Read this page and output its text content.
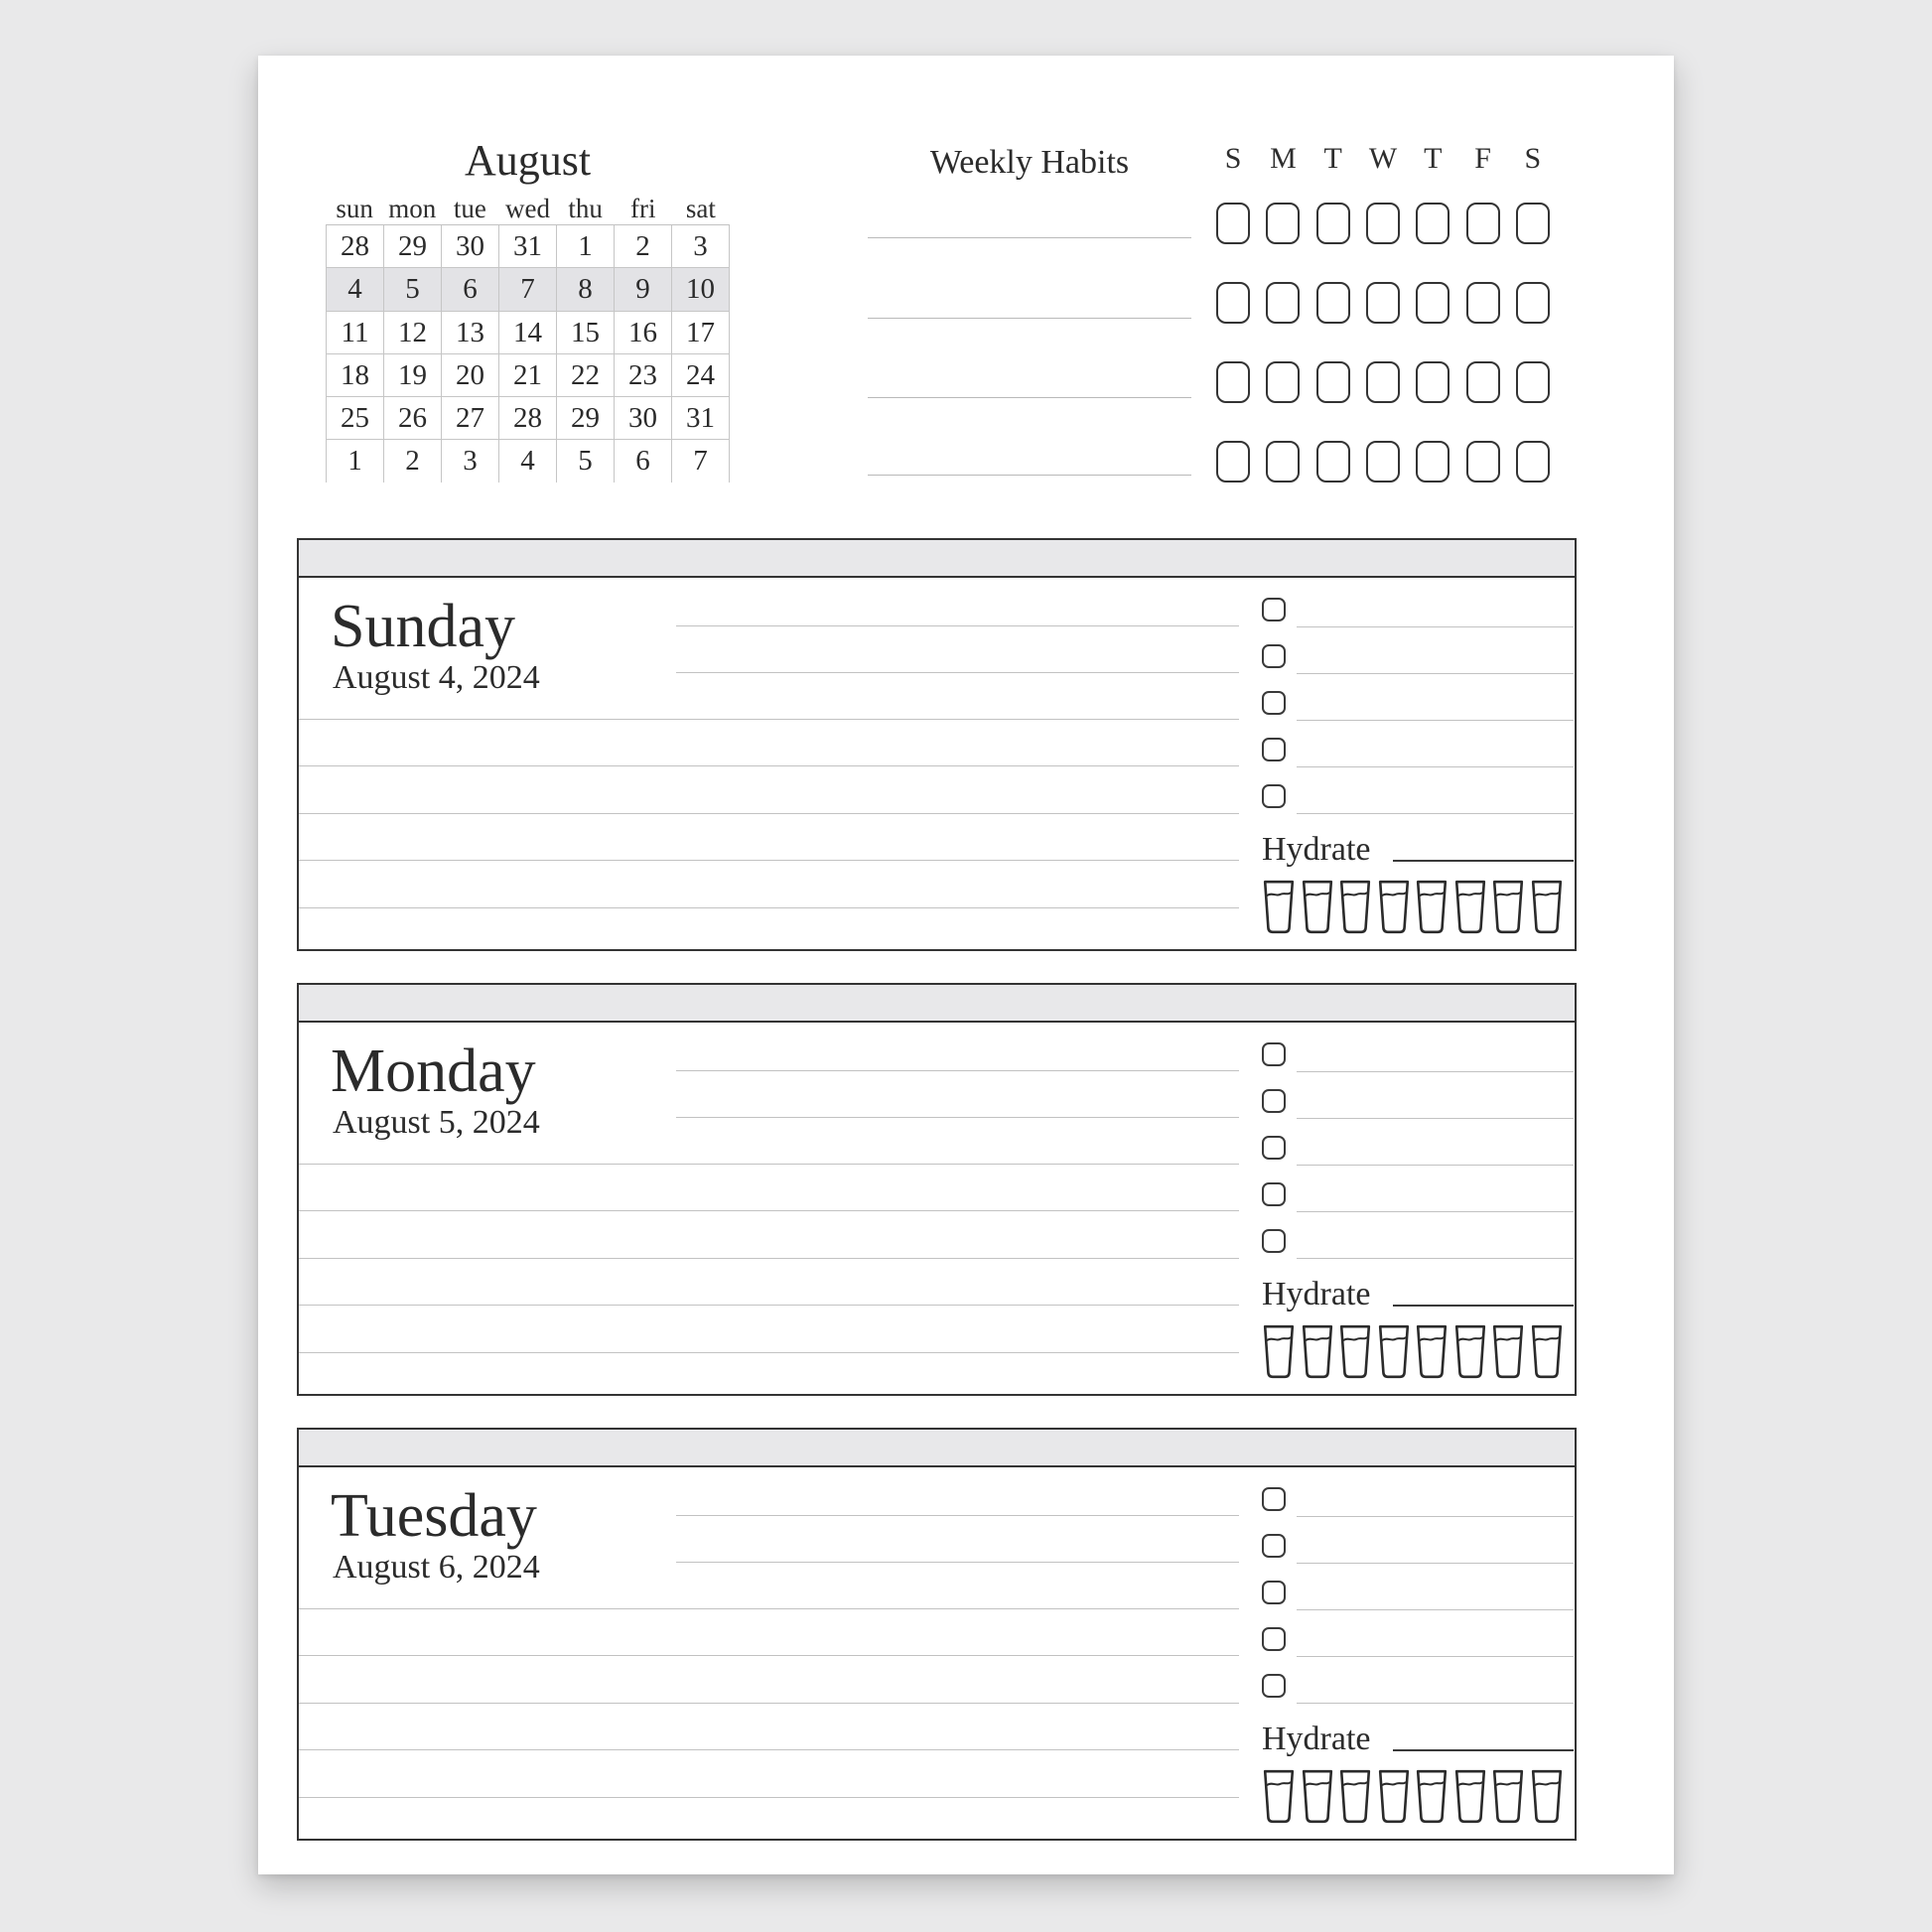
August
sun mon tue wed thu	fri	sat
28	29	30	31	1	2	3
4	5	6	7	8	9	10
11	12	13	14	15	16	17
18	19	20	21	22	23	24
25	26	27	28	29	30	31
1	2	3	4	5	6	7
Weekly Habits	S M T W T	F	S
Sunday
August 4, 2024
Hydrate
Monday
August 5, 2024
Hydrate
Tuesday
August 6, 2024
Hydrate
